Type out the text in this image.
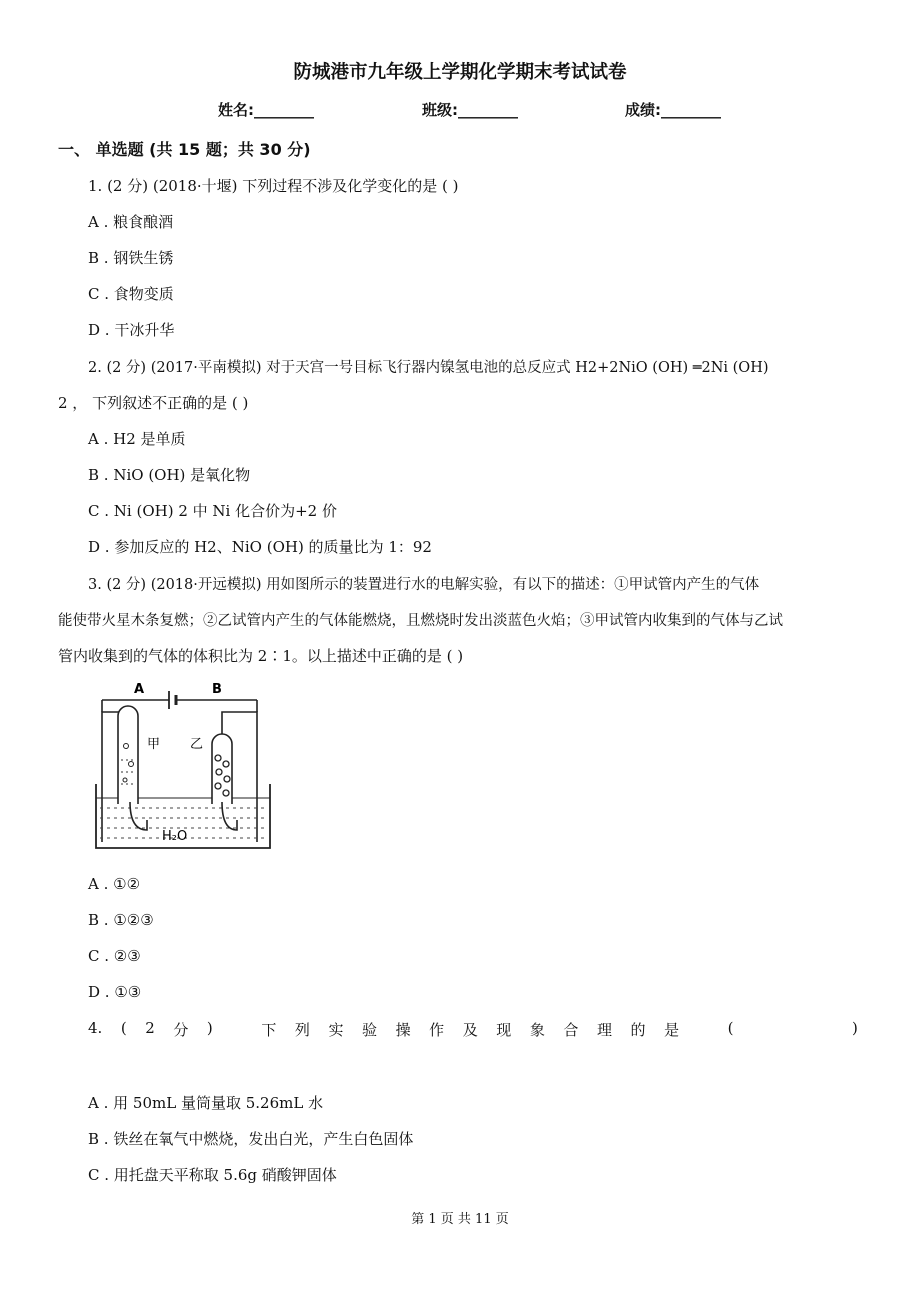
防城港市九年级上学期化学期末考试试卷
姓名:________	班级:________	成绩:________
一、 单选题 (共 15 题；共 30 分)
1. (2 分) (2018·十堰) 下列过程不涉及化学变化的是 ( )
A . 粮食酿酒
B . 钢铁生锈
C . 食物变质
D . 干冰升华
2. (2 分) (2017·平南模拟) 对于天宫一号目标飞行器内镍氢电池的总反应式 H2+2NiO (OH) ═2Ni (OH)
2 ， 下列叙述不正确的是 ( )
A . H2 是单质
B . NiO (OH) 是氧化物
C . Ni (OH) 2 中 Ni 化合价为+2 价
D . 参加反应的 H2、NiO (OH) 的质量比为 1：92
3. (2 分) (2018·开远模拟) 用如图所示的装置进行水的电解实验，有以下的描述：①甲试管内产生的气体
能使带火星木条复燃；②乙试管内产生的气体能燃烧，且燃烧时发出淡蓝色火焰；③甲试管内收集到的气体与乙试
管内收集到的气体的体积比为 2∶1。以上描述中正确的是 ( )
A	B
甲 乙
H₂O
A . ①②
B . ①②③
C . ②③
D . ①③
4. ( 2 分 )	下 列 实 验 操 作 及 现 象 合 理 的 是	(	)
A . 用 50mL 量筒量取 5.26mL 水
B . 铁丝在氧气中燃烧，发出白光，产生白色固体
C . 用托盘天平称取 5.6g 硝酸钾固体
第 1 页 共 11 页
